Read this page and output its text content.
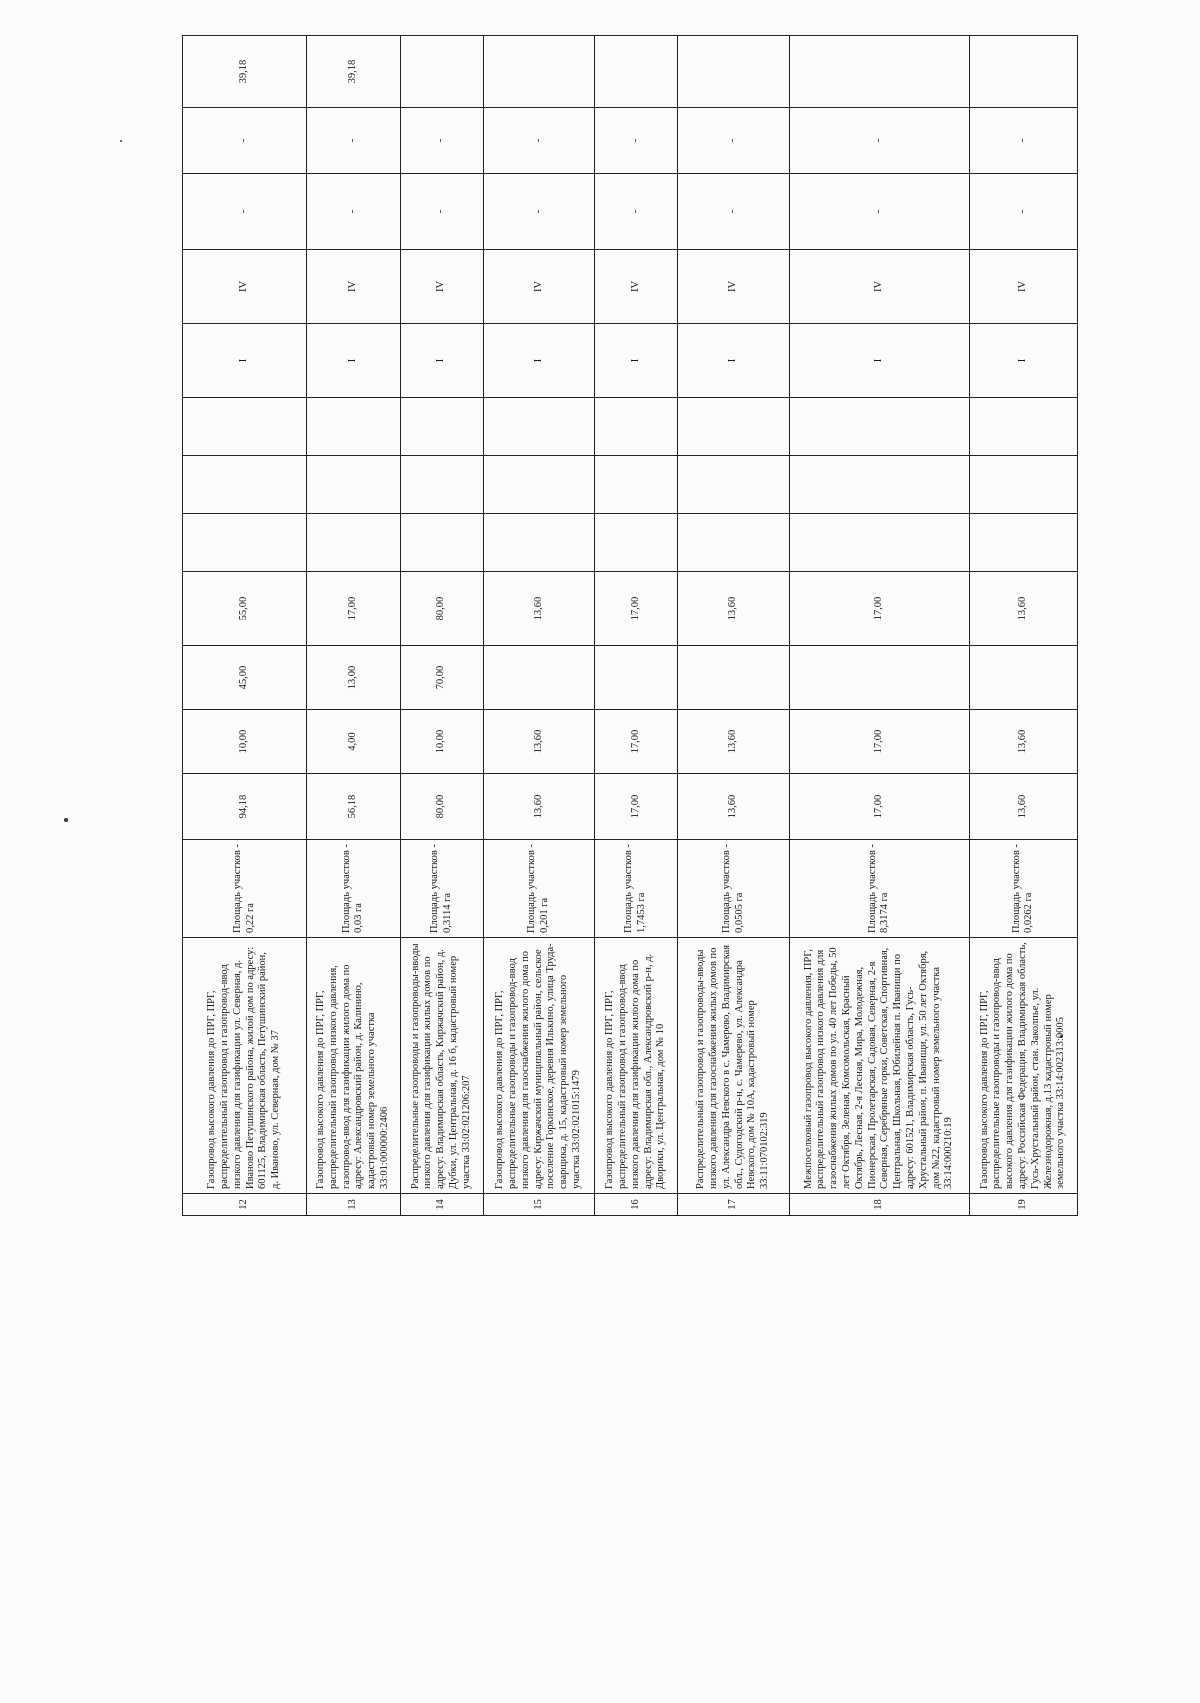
12	Газопровод высокого давления до ПРГ, ПРГ, распределительный газопровод и газопровод-ввод низкого давления для газификации ул. Северная, д. Иваново Петушинского района, жилой дом по адресу: 601125, Владимирская область, Петушинский район, д. Иваново, ул. Северная, дом № 37	Площадь участков - 0,22 га	94,18	10,00	45,00	55,00				I	IV	-	-	39,18
13	Газопровод высокого давления до ПРГ, ПРГ, распределительный газопровод низкого давления, газопровод-ввод для газификации жилого дома по адресу: Александровский район, д. Калинино, кадастровый номер земельного участка 33:01:000000:2406	Площадь участков - 0,03 га	56,18	4,00	13,00	17,00				I	IV	-	-	39,18
14	Распределительные газопроводы и газопроводы-вводы низкого давления для газификации жилых домов по адресу: Владимирская область, Киржачский район, д. Дубки, ул. Центральная, д. 16 б, кадастровый номер участка 33:02:021206:207	Площадь участков - 0,3114 га	80,00	10,00	70,00	80,00				I	IV	-	-	
15	Газопровод высокого давления до ПРГ, ПРГ, распределительные газопроводы и газопровод-ввод низкого давления для газоснабжения жилого дома по адресу: Киржачский муниципальный район, сельское поселение Горкинское, деревня Илькино, улица Труда-сварщика, д. 15, кадастровый номер земельного участка 33:02:021015:1479	Площадь участков - 0,201 га	13,60	13,60		13,60				I	IV	-	-	
16	Газопровод высокого давления до ПРГ, ПРГ, распределительный газопровод и газопровод-ввод низкого давления для газификации жилого дома по адресу: Владимирская обл., Александровский р-н, д. Дворики, ул. Центральная, дом № 10	Площадь участков - 1,7453 га	17,00	17,00		17,00				I	IV	-	-	
17	Распределительный газопровод и газопроводы-вводы низкого давления для газоснабжения жилых домов по ул. Александра Невского в с. Чамерево, Владимирская обл., Судогодский р-н, с. Чамерево, ул. Александра Невского, дом № 10А, кадастровый номер 33:11:070102:319	Площадь участков - 0,0505 га	13,60	13,60		13,60				I	IV	-	-	
18	Межпоселковый газопровод высокого давления, ПРГ, распределительный газопровод низкого давления для газоснабжения жилых домов по ул. 40 лет Победы, 50 лет Октября, Зеленая, Комсомольская, Красный Октябрь, Лесная, 2-я Лесная, Мира, Молодежная, Пионерская, Пролетарская, Садовая, Северная, 2-я Северная, Серебряные горки, Советская, Спортивная, Центральная, Школьная, Юбилейная п. Иванищи по адресу: 601521, Владимирская область, Гусь-Хрустальный район, п. Иванищи, ул. 50 лет Октября, дом №22, кадастровый номер земельного участка 33:14:000210:19	Площадь участков - 8,3174 га	17,00	17,00		17,00				I	IV	-	-	
19	Газопровод высокого давления до ПРГ, ПРГ, распределительные газопроводы и газопровод-ввод высокого давления для газификации жилого дома по адресу: Российская Федерация, Владимирская область, Гусь-Хрустальный район, стан. Заколпье, ул. Железнодорожная, д.13 кадастровый номер земельного участка 33:14:002313:0005	Площадь участков - 0,0262 га	13,60	13,60		13,60				I	IV	-	-	
